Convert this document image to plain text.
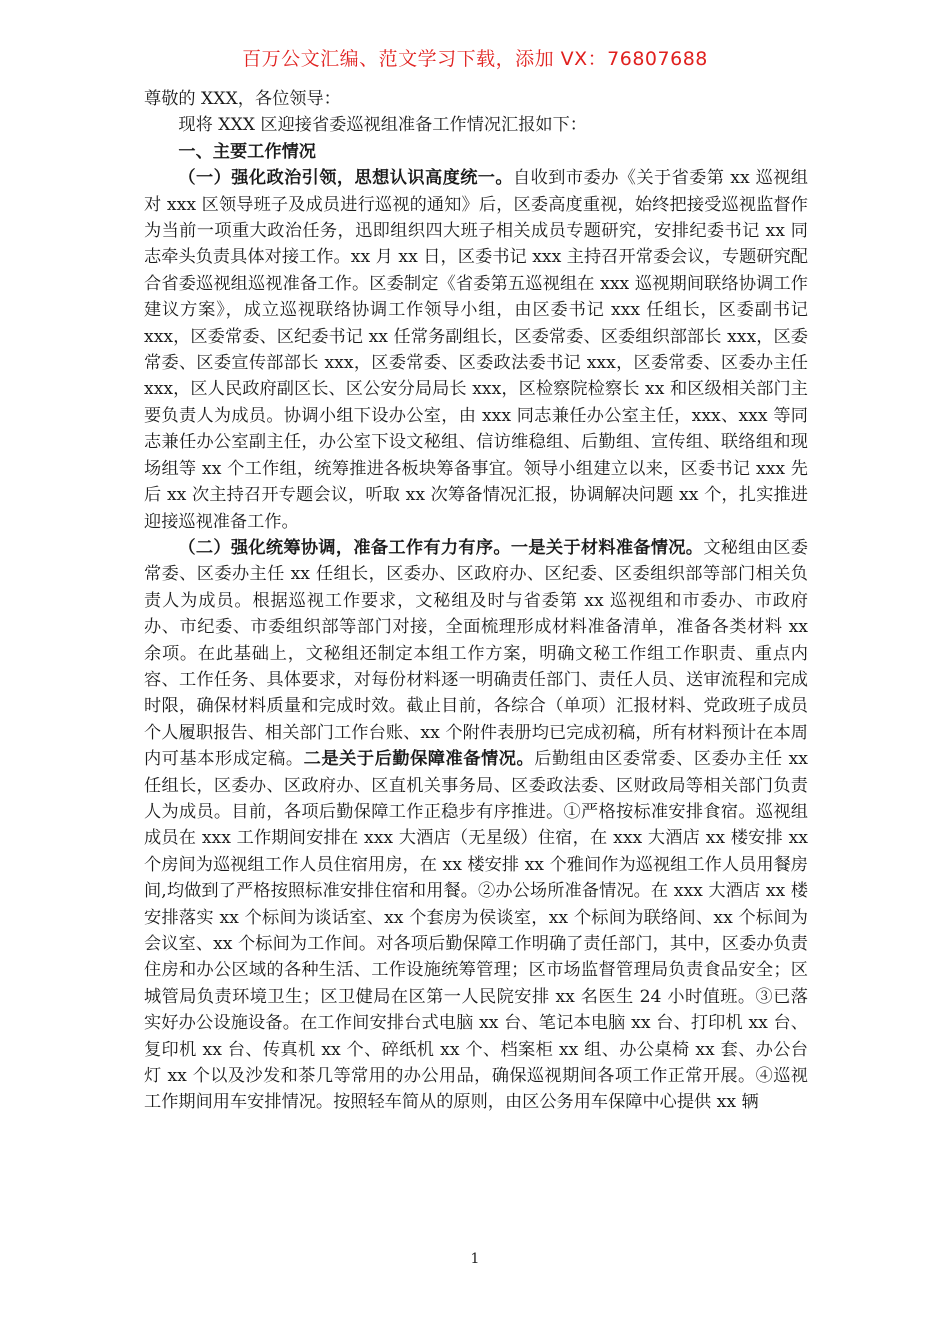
百万公文汇编、范文学习下载，添加 VX：76807688

尊敬的 XXX，各位领导：

现将 XXX 区迎接省委巡视组准备工作情况汇报如下：

一、主要工作情况

（一）强化政治引领，思想认识高度统一。自收到市委办《关于省委第 xx 巡视组对 xxx 区领导班子及成员进行巡视的通知》后，区委高度重视，始终把接受巡视监督作为当前一项重大政治任务，迅即组织四大班子相关成员专题研究，安排纪委书记 xx 同志牵头负责具体对接工作。xx 月 xx 日，区委书记 xxx 主持召开常委会议，专题研究配合省委巡视组巡视准备工作。区委制定《省委第五巡视组在 xxx 巡视期间联络协调工作建议方案》，成立巡视联络协调工作领导小组，由区委书记 xxx 任组长，区委副书记 xxx，区委常委、区纪委书记 xx 任常务副组长，区委常委、区委组织部部长 xxx，区委常委、区委宣传部部长 xxx，区委常委、区委政法委书记 xxx，区委常委、区委办主任 xxx，区人民政府副区长、区公安分局局长 xxx，区检察院检察长 xx 和区级相关部门主要负责人为成员。协调小组下设办公室，由 xxx 同志兼任办公室主任，xxx、xxx 等同志兼任办公室副主任，办公室下设文秘组、信访维稳组、后勤组、宣传组、联络组和现场组等 xx 个工作组，统筹推进各板块筹备事宜。领导小组建立以来，区委书记 xxx 先后 xx 次主持召开专题会议，听取 xx 次筹备情况汇报，协调解决问题 xx 个，扎实推进迎接巡视准备工作。

（二）强化统筹协调，准备工作有力有序。一是关于材料准备情况。文秘组由区委常委、区委办主任 xx 任组长，区委办、区政府办、区纪委、区委组织部等部门相关负责人为成员。根据巡视工作要求，文秘组及时与省委第 xx 巡视组和市委办、市政府办、市纪委、市委组织部等部门对接，全面梳理形成材料准备清单，准备各类材料 xx 余项。在此基础上，文秘组还制定本组工作方案，明确文秘工作组工作职责、重点内容、工作任务、具体要求，对每份材料逐一明确责任部门、责任人员、送审流程和完成时限，确保材料质量和完成时效。截止目前，各综合（单项）汇报材料、党政班子成员个人履职报告、相关部门工作台账、xx 个附件表册均已完成初稿，所有材料预计在本周内可基本形成定稿。二是关于后勤保障准备情况。后勤组由区委常委、区委办主任 xx 任组长，区委办、区政府办、区直机关事务局、区委政法委、区财政局等相关部门负责人为成员。目前，各项后勤保障工作正稳步有序推进。①严格按标准安排食宿。巡视组成员在 xxx 工作期间安排在 xxx 大酒店（无星级）住宿，在 xxx 大酒店 xx 楼安排 xx 个房间为巡视组工作人员住宿用房，在 xx 楼安排 xx 个雅间作为巡视组工作人员用餐房间,均做到了严格按照标准安排住宿和用餐。②办公场所准备情况。在 xxx 大酒店 xx 楼安排落实 xx 个标间为谈话室、xx 个套房为侯谈室，xx 个标间为联络间、xx 个标间为会议室、xx 个标间为工作间。对各项后勤保障工作明确了责任部门，其中，区委办负责住房和办公区域的各种生活、工作设施统筹管理；区市场监督管理局负责食品安全；区城管局负责环境卫生；区卫健局在区第一人民院安排 xx 名医生 24 小时值班。③已落实好办公设施设备。在工作间安排台式电脑 xx 台、笔记本电脑 xx 台、打印机 xx 台、复印机 xx 台、传真机 xx 个、碎纸机 xx 个、档案柜 xx 组、办公桌椅 xx 套、办公台灯 xx 个以及沙发和茶几等常用的办公用品，确保巡视期间各项工作正常开展。④巡视工作期间用车安排情况。按照轻车简从的原则，由区公务用车保障中心提供 xx 辆

1
